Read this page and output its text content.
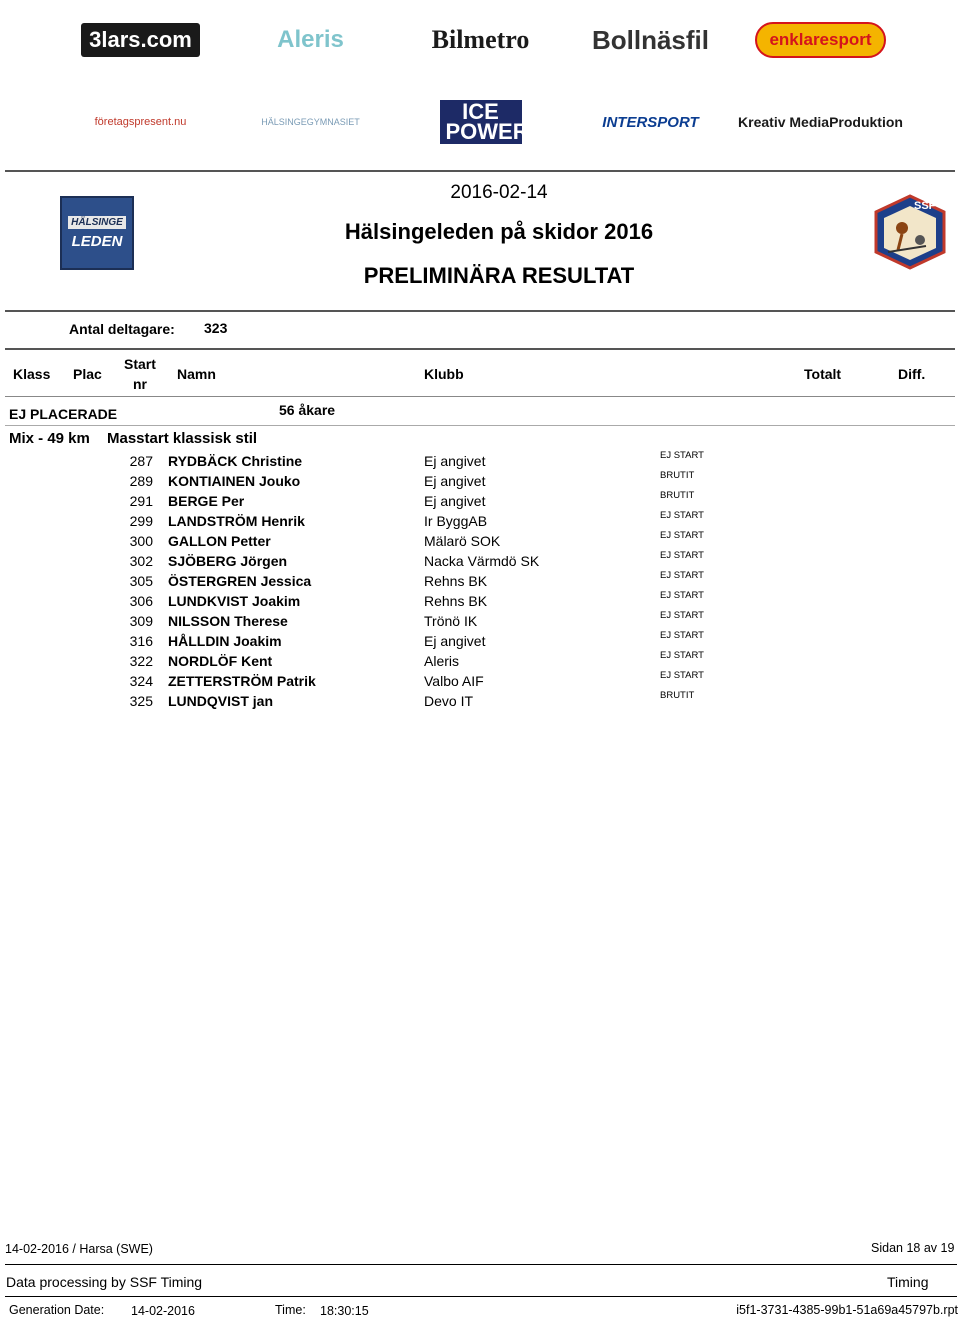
3lars.com	Aleris	Bilmetro Bollnäsfil	enklaresport
företagspresent.nu	HÄLSINGEGYMNASIET	ICE POWER	INTERSPORT	Kreativ MediaProduktion
HÄLSINGE
LEDEN
SSF
2016-02-14
Hälsingeleden på skidor 2016
PRELIMINÄRA RESULTAT
Antal deltagare: 323
Klass Plac
Start
nr
Namn	Klubb	Totalt	Diff.
EJ PLACERADE	56 åkare
Mix - 49 km Masstart klassisk stil
287 RYDBÄCK Christine	Ej angivet	EJ START
289 KONTIAINEN Jouko	Ej angivet	BRUTIT
291 BERGE Per	Ej angivet	BRUTIT
299 LANDSTRÖM Henrik	Ir ByggAB	EJ START
300 GALLON Petter	Mälarö SOK	EJ START
302 SJÖBERG Jörgen	Nacka Värmdö SK	EJ START
305 ÖSTERGREN Jessica	Rehns BK	EJ START
306 LUNDKVIST Joakim	Rehns BK	EJ START
309 NILSSON Therese	Trönö IK	EJ START
316 HÅLLDIN Joakim	Ej angivet	EJ START
322 NORDLÖF Kent	Aleris	EJ START
324 ZETTERSTRÖM Patrik	Valbo AIF	EJ START
325 LUNDQVIST jan	Devo IT	BRUTIT
14-02-2016 / Harsa (SWE)	Sidan 18 av 19
Data processing by SSF Timing	Timing
Generation Date: 14-02-2016	Time: 18:30:15	i5f1-3731-4385-99b1-51a69a45797b.rpt
